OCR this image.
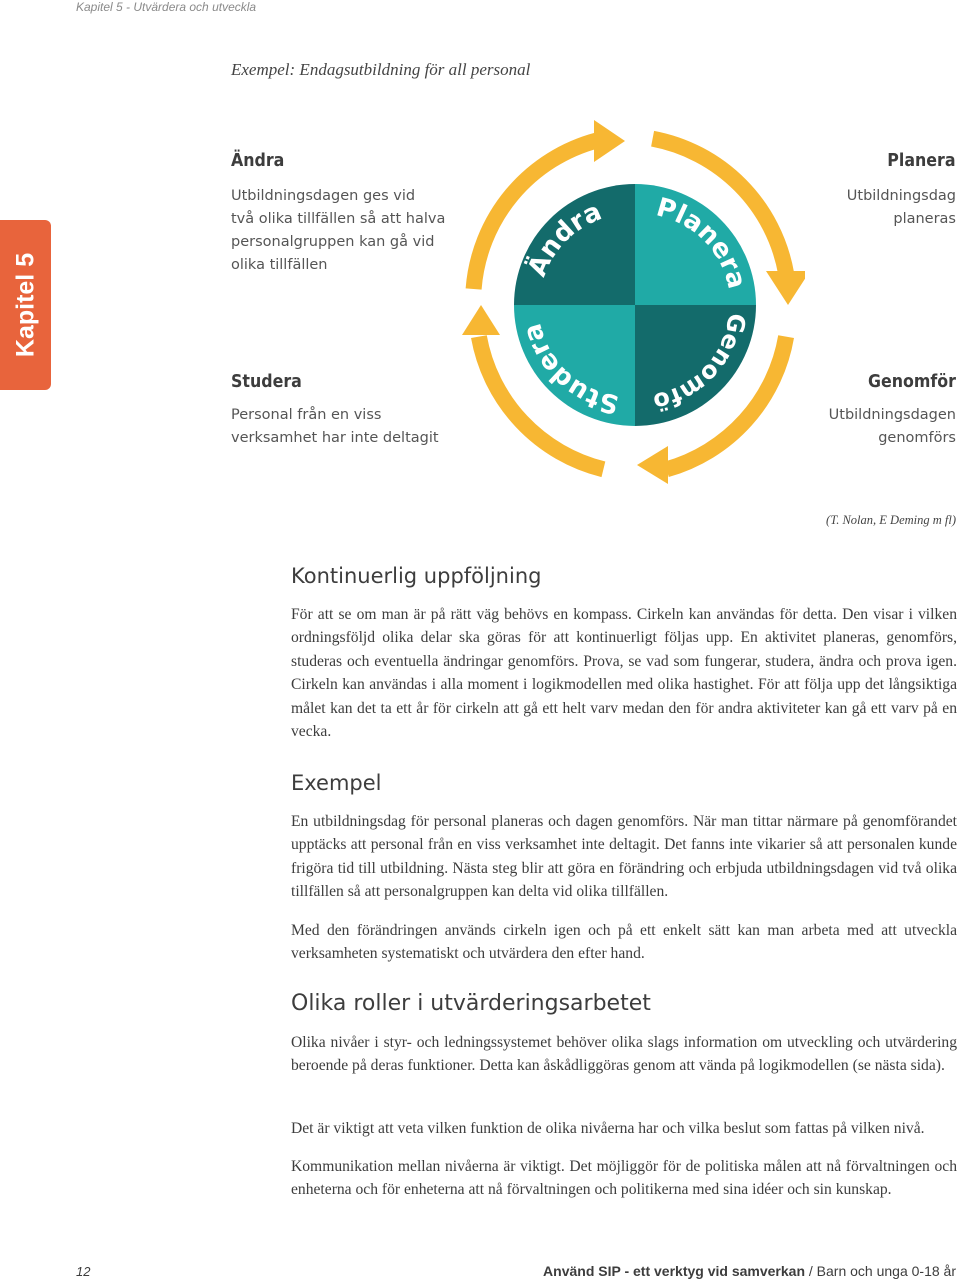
Kapitel 5 - Utvärdera och utveckla
Kapitel 5
Exempel: Endagsutbildning för all personal
Ändra
Utbildningsdagen ges vid
två olika tillfällen så att halva
personalgruppen kan gå vid
olika tillfällen
Planera
Utbildningsdag
planeras
Studera
Personal från en viss
verksamhet har inte deltagit
Genomför
Utbildningsdagen
genomförs
Ändra Planera
Genomfö
Studera
(T. Nolan, E Deming m fl)
Kontinuerlig uppföljning
För att se om man är på rätt väg behövs en kompass. Cirkeln kan användas för detta. Den visar i vilken ordningsföljd olika delar ska göras för att kontinuerligt följas upp. En aktivitet planeras, genomförs, studeras och eventuella ändringar genomförs. Prova, se vad som fungerar, studera, ändra och prova igen. Cirkeln kan användas i alla moment i logikmodellen med olika hastighet. För att följa upp det långsiktiga målet kan det ta ett år för cirkeln att gå ett helt varv medan den för andra aktiviteter kan gå ett varv på en vecka.
Exempel
En utbildningsdag för personal planeras och dagen genomförs. När man tittar närmare på genomförandet upptäcks att personal från en viss verksamhet inte deltagit. Det fanns inte vikarier så att personalen kunde frigöra tid till utbildning. Nästa steg blir att göra en förändring och erbjuda utbildningsdagen vid två olika tillfällen så att personalgruppen kan delta vid olika tillfällen.
Med den förändringen används cirkeln igen och på ett enkelt sätt kan man arbeta med att utveckla verksamheten systematiskt och utvärdera den efter hand.
Olika roller i utvärderingsarbetet
Olika nivåer i styr- och ledningssystemet behöver olika slags information om utveckling och utvärdering beroende på deras funktioner. Detta kan åskådliggöras genom att vända på logikmodellen (se nästa sida).
Det är viktigt att veta vilken funktion de olika nivåerna har och vilka beslut som fattas på vilken nivå.
Kommunikation mellan nivåerna är viktigt. Det möjliggör för de politiska målen att nå förvaltningen och enheterna och för enheterna att nå förvaltningen och politikerna med sina idéer och sin kunskap.
12	Använd SIP - ett verktyg vid samverkan / Barn och unga 0-18 år
